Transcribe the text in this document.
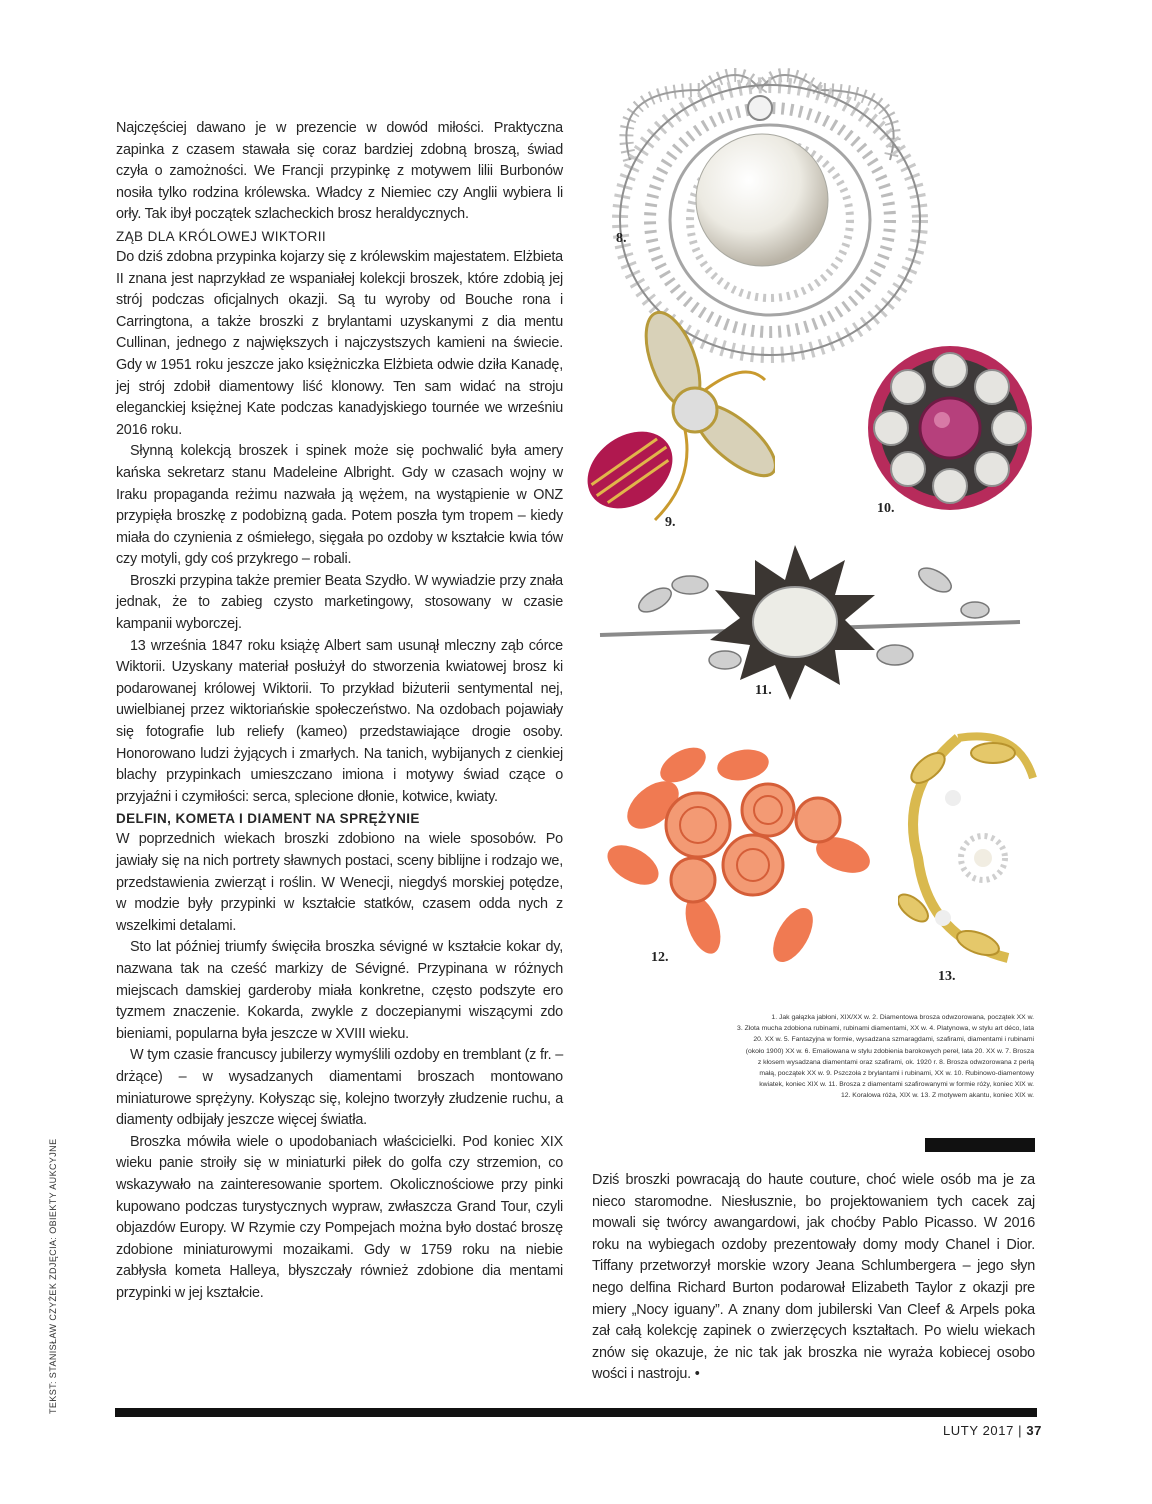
TEKST: STANISŁAW CZYŻEK ZDJĘCIA: OBIEKTY AUKCYJNE

Najczęściej dawano je w prezencie w dowód miłości. Praktyczna zapinka z czasem stawała się coraz bardziej zdobną broszą, świad czyła o zamożności. We Francji przypinkę z motywem lilii Burbonów nosiła tylko rodzina królewska. Władcy z Niemiec czy Anglii wybiera li orły. Tak ibył początek szlacheckich brosz heraldycznych.

ZĄB DLA KRÓLOWEJ WIKTORII

Do dziś zdobna przypinka kojarzy się z królewskim majestatem. Elżbieta II znana jest naprzykład ze wspaniałej kolekcji broszek, które zdobią jej strój podczas oficjalnych okazji. Są tu wyroby od Bouche rona i Carringtona, a także broszki z brylantami uzyskanymi z dia mentu Cullinan, jednego z największych i najczystszych kamieni na świecie. Gdy w 1951 roku jeszcze jako księżniczka Elżbieta odwie dziła Kanadę, jej strój zdobił diamentowy liść klonowy. Ten sam widać na stroju eleganckiej księżnej Kate podczas kanadyjskiego tournée we wrześniu 2016 roku.

Słynną kolekcją broszek i spinek może się pochwalić była amery kańska sekretarz stanu Madeleine Albright. Gdy w czasach wojny w Iraku propaganda reżimu nazwała ją wężem, na wystąpienie w ONZ przypięła broszkę z podobizną gada. Potem poszła tym tropem – kiedy miała do czynienia z ośmiełego, sięgała po ozdoby w kształcie kwia tów czy motyli, gdy coś przykrego – robali.

Broszki przypina także premier Beata Szydło. W wywiadzie przy znała jednak, że to zabieg czysto marketingowy, stosowany w czasie kampanii wyborczej.

13 września 1847 roku książę Albert sam usunął mleczny ząb córce Wiktorii. Uzyskany materiał posłużył do stworzenia kwiatowej brosz ki podarowanej królowej Wiktorii. To przykład biżuterii sentymental nej, uwielbianej przez wiktoriańskie społeczeństwo. Na ozdobach pojawiały się fotografie lub reliefy (kameo) przedstawiające drogie osoby. Honorowano ludzi żyjących i zmarłych. Na tanich, wybijanych z cienkiej blachy przypinkach umieszczano imiona i motywy świad czące o przyjaźni i czymiłości: serca, splecione dłonie, kotwice, kwiaty.

DELFIN, KOMETA I DIAMENT NA SPRĘŻYNIE

W poprzednich wiekach broszki zdobiono na wiele sposobów. Po jawiały się na nich portrety sławnych postaci, sceny biblijne i rodzajo we, przedstawienia zwierząt i roślin. W Wenecji, niegdyś morskiej potędze, w modzie były przypinki w kształcie statków, czasem odda nych z wszelkimi detalami.

Sto lat później triumfy święciła broszka sévigné w kształcie kokar dy, nazwana tak na cześć markizy de Sévigné. Przypinana w różnych miejscach damskiej garderoby miała konkretne, często podszyte ero tyzmem znaczenie. Kokarda, zwykle z doczepianymi wiszącymi zdo bieniami, popularna była jeszcze w XVIII wieku.

W tym czasie francuscy jubilerzy wymyślili ozdoby en tremblant (z fr. – drżące) – w wysadzanych diamentami broszach montowano miniaturowe sprężyny. Kołysząc się, kolejno tworzyły złudzenie ruchu, a diamenty odbijały jeszcze więcej światła.

Broszka mówiła wiele o upodobaniach właścicielki. Pod koniec XIX wieku panie stroiły się w miniaturki piłek do golfa czy strzemion, co wskazywało na zainteresowanie sportem. Okolicznościowe przy pinki kupowano podczas turystycznych wypraw, zwłaszcza Grand Tour, czyli objazdów Europy. W Rzymie czy Pompejach można było dostać broszę zdobione miniaturowymi mozaikami. Gdy w 1759 roku na niebie zabłysła kometa Halleya, błyszczały również zdobione dia mentami przypinki w jej kształcie.

8.
9.
10.
11.
12.
13.
1. Jak gałązka jabłoni, XIX/XX w. 2. Diamentowa brosza odwzorowana, początek XX w.
3. Złota mucha zdobiona rubinami, rubinami diamentami, XX w. 4. Platynowa, w stylu art déco, lata
20. XX w. 5. Fantazyjna w formie, wysadzana szmaragdami, szafirami, diamentami i rubinami
(około 1900) XX w. 6. Emaliowana w stylu zdobienia barokowych pereł, lata 20. XX w. 7. Brosza
z kłosem wysadzana diamentami oraz szafirami, ok. 1920 r. 8. Brosza odwzorowana z perłą
małą, początek XX w. 9. Pszczoła z brylantami i rubinami, XX w. 10. Rubinowo-diamentowy
kwiatek, koniec XIX w. 11. Brosza z diamentami szafirowanymi w formie róży, koniec XIX w.
12. Koralowa róża, XIX w. 13. Z motywem akantu, koniec XIX w.

Dziś broszki powracają do haute couture, choć wiele osób ma je za nieco staromodne. Niesłusznie, bo projektowaniem tych cacek zaj mowali się twórcy awangardowi, jak choćby Pablo Picasso. W 2016 roku na wybiegach ozdoby prezentowały domy mody Chanel i Dior. Tiffany przetworzył morskie wzory Jeana Schlumbergera – jego słyn nego delfina Richard Burton podarował Elizabeth Taylor z okazji pre miery „Nocy iguany”. A znany dom jubilerski Van Cleef & Arpels poka zał całą kolekcję zapinek o zwierzęcych kształtach. Po wielu wiekach znów się okazuje, że nic tak jak broszka nie wyraża kobiecej osobo wości i nastroju. •

LUTY 2017 | 37
